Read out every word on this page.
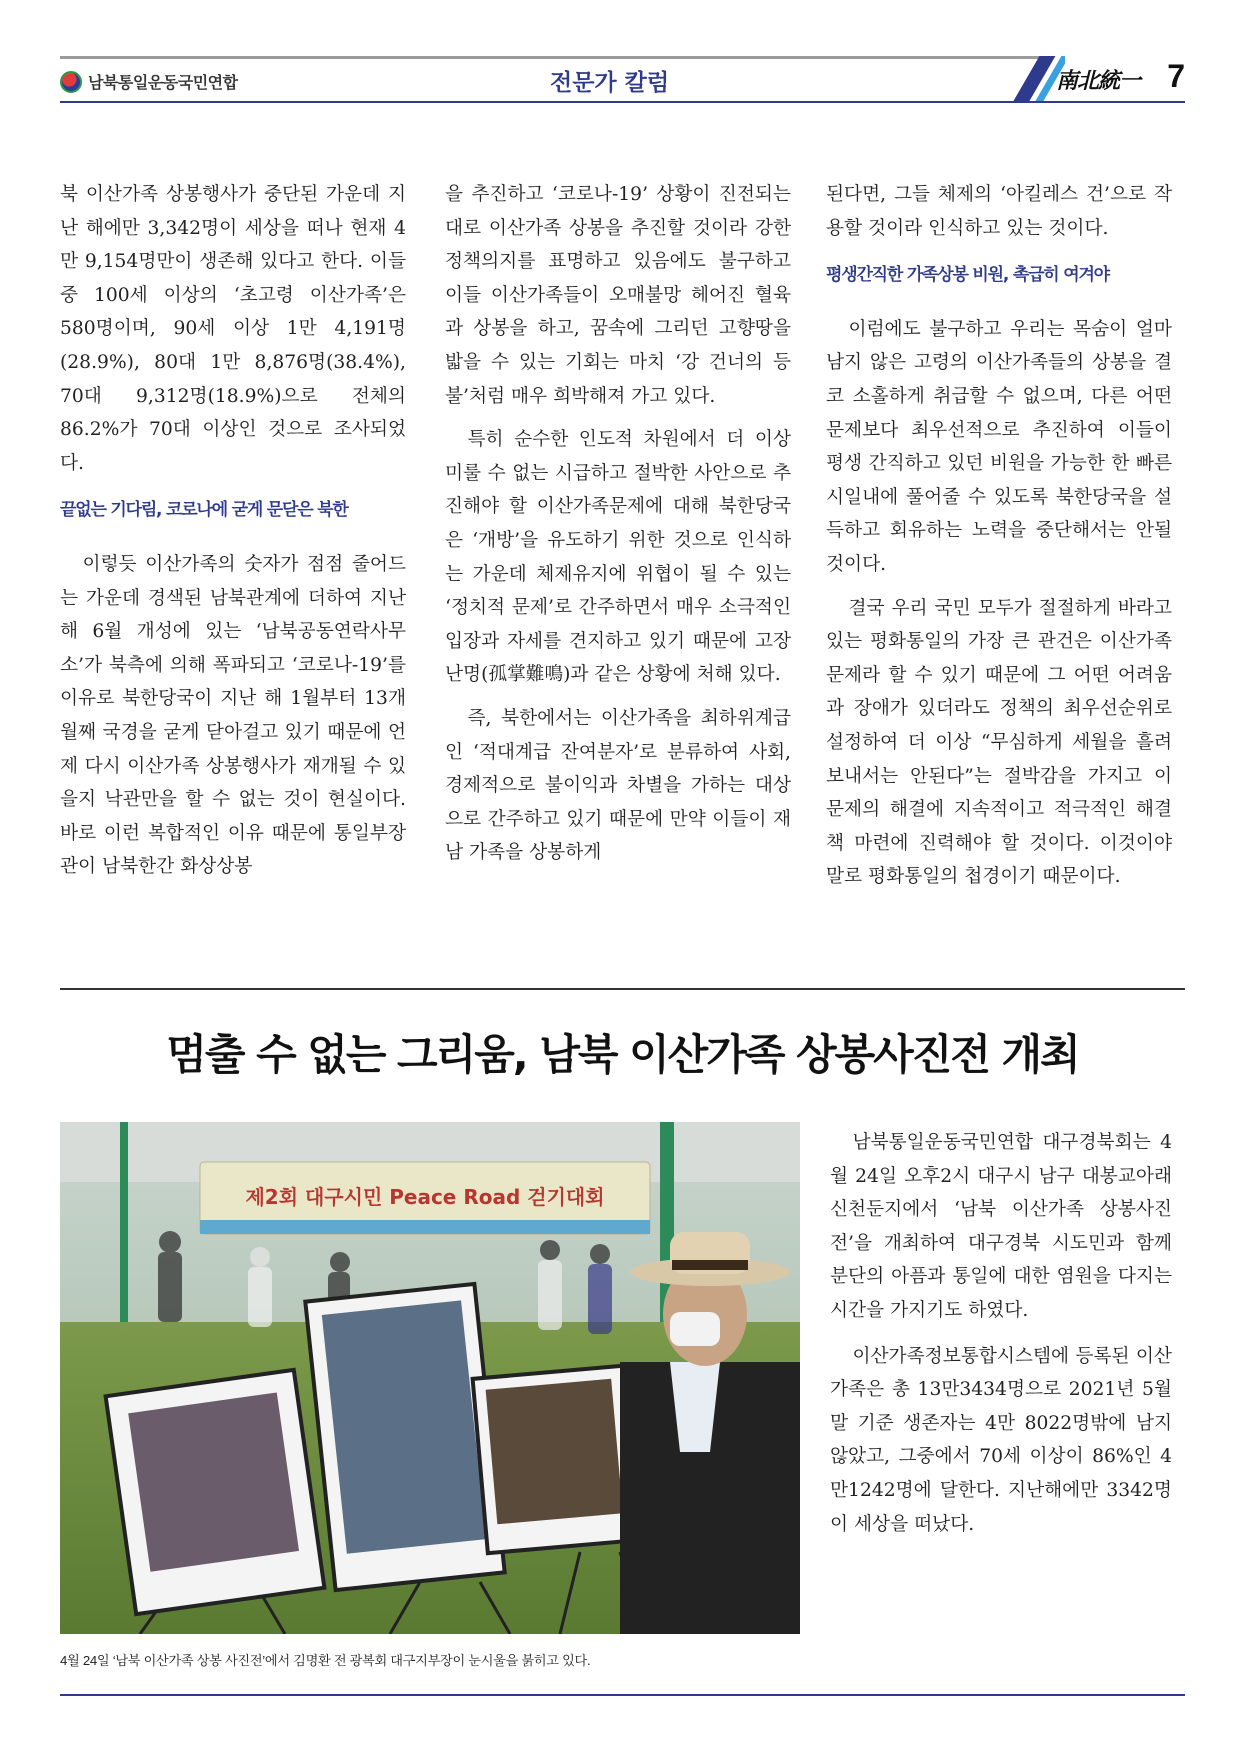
남북통일운동국민연합	전문가 칼럼	南北統一 7

북 이산가족 상봉행사가 중단된 가운데 지난 해에만 3,342명이 세상을 떠나 현재 4만 9,154명만이 생존해 있다고 한다. 이들 중 100세 이상의 ‘초고령 이산가족’은 580명이며, 90세 이상 1만 4,191명(28.9%), 80대 1만 8,876명(38.4%), 70대 9,312명(18.9%)으로 전체의 86.2%가 70대 이상인 것으로 조사되었다.

끝없는 기다림, 코로나에 굳게 문닫은 북한

이렇듯 이산가족의 숫자가 점점 줄어드는 가운데 경색된 남북관계에 더하여 지난 해 6월 개성에 있는 ‘남북공동연락사무소’가 북측에 의해 폭파되고 ‘코로나-19’를 이유로 북한당국이 지난 해 1월부터 13개월째 국경을 굳게 닫아걸고 있기 때문에 언제 다시 이산가족 상봉행사가 재개될 수 있을지 낙관만을 할 수 없는 것이 현실이다. 바로 이런 복합적인 이유 때문에 통일부장관이 남북한간 화상상봉

을 추진하고 ‘코로나-19’ 상황이 진전되는 대로 이산가족 상봉을 추진할 것이라 강한 정책의지를 표명하고 있음에도 불구하고 이들 이산가족들이 오매불망 헤어진 혈육과 상봉을 하고, 꿈속에 그리던 고향땅을 밟을 수 있는 기회는 마치 ‘강 건너의 등불’처럼 매우 희박해져 가고 있다.

특히 순수한 인도적 차원에서 더 이상 미룰 수 없는 시급하고 절박한 사안으로 추진해야 할 이산가족문제에 대해 북한당국은 ‘개방’을 유도하기 위한 것으로 인식하는 가운데 체제유지에 위협이 될 수 있는 ‘정치적 문제’로 간주하면서 매우 소극적인 입장과 자세를 견지하고 있기 때문에 고장난명(孤掌難鳴)과 같은 상황에 처해 있다.

즉, 북한에서는 이산가족을 최하위계급인 ‘적대계급 잔여분자’로 분류하여 사회, 경제적으로 불이익과 차별을 가하는 대상으로 간주하고 있기 때문에 만약 이들이 재남 가족을 상봉하게

된다면, 그들 체제의 ‘아킬레스 건’으로 작용할 것이라 인식하고 있는 것이다.

평생간직한 가족상봉 비원, 촉급히 여겨야

이럼에도 불구하고 우리는 목숨이 얼마 남지 않은 고령의 이산가족들의 상봉을 결코 소홀하게 취급할 수 없으며, 다른 어떤 문제보다 최우선적으로 추진하여 이들이 평생 간직하고 있던 비원을 가능한 한 빠른 시일내에 풀어줄 수 있도록 북한당국을 설득하고 회유하는 노력을 중단해서는 안될 것이다.

결국 우리 국민 모두가 절절하게 바라고 있는 평화통일의 가장 큰 관건은 이산가족문제라 할 수 있기 때문에 그 어떤 어려움과 장애가 있더라도 정책의 최우선순위로 설정하여 더 이상 “무심하게 세월을 흘려 보내서는 안된다”는 절박감을 가지고 이 문제의 해결에 지속적이고 적극적인 해결책 마련에 진력해야 할 것이다. 이것이야 말로 평화통일의 첩경이기 때문이다.

멈출 수 없는 그리움, 남북 이산가족 상봉사진전 개최
제2회 대구시민 Peace Road 걷기대회
4월 24일 ‘남북 이산가족 상봉 사진전’에서 김명환 전 광복회 대구지부장이 눈시울을 붉히고 있다.

남북통일운동국민연합 대구경북회는 4월 24일 오후2시 대구시 남구 대봉교아래 신천둔지에서 ‘남북 이산가족 상봉사진전’을 개최하여 대구경북 시도민과 함께 분단의 아픔과 통일에 대한 염원을 다지는 시간을 가지기도 하였다.

이산가족정보통합시스템에 등록된 이산가족은 총 13만3434명으로 2021년 5월 말 기준 생존자는 4만 8022명밖에 남지 않았고, 그중에서 70세 이상이 86%인 4만1242명에 달한다. 지난해에만 3342명이 세상을 떠났다.
